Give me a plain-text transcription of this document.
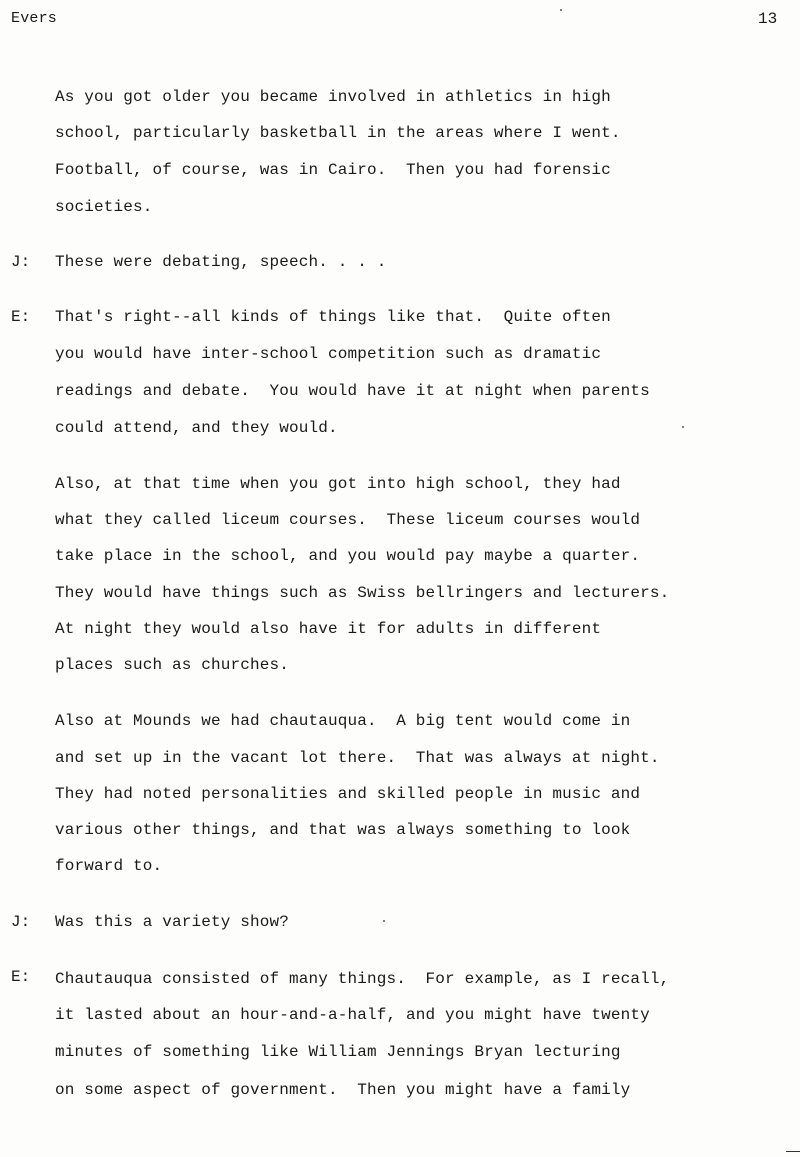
Evers	13
As you got older you became involved in athletics in high
school, particularly basketball in the areas where I went.
Football, of course, was in Cairo.  Then you had forensic
societies.
J: These were debating, speech. . . .
E: That's right--all kinds of things like that.  Quite often
you would have inter-school competition such as dramatic
readings and debate.  You would have it at night when parents
could attend, and they would.
Also, at that time when you got into high school, they had
what they called liceum courses.  These liceum courses would
take place in the school, and you would pay maybe a quarter.
They would have things such as Swiss bellringers and lecturers.
At night they would also have it for adults in different
places such as churches.
Also at Mounds we had chautauqua.  A big tent would come in
and set up in the vacant lot there.  That was always at night.
They had noted personalities and skilled people in music and
various other things, and that was always something to look
forward to.
J: Was this a variety show?
E: Chautauqua consisted of many things.  For example, as I recall,
it lasted about an hour-and-a-half, and you might have twenty
minutes of something like William Jennings Bryan lecturing
on some aspect of government.  Then you might have a family
